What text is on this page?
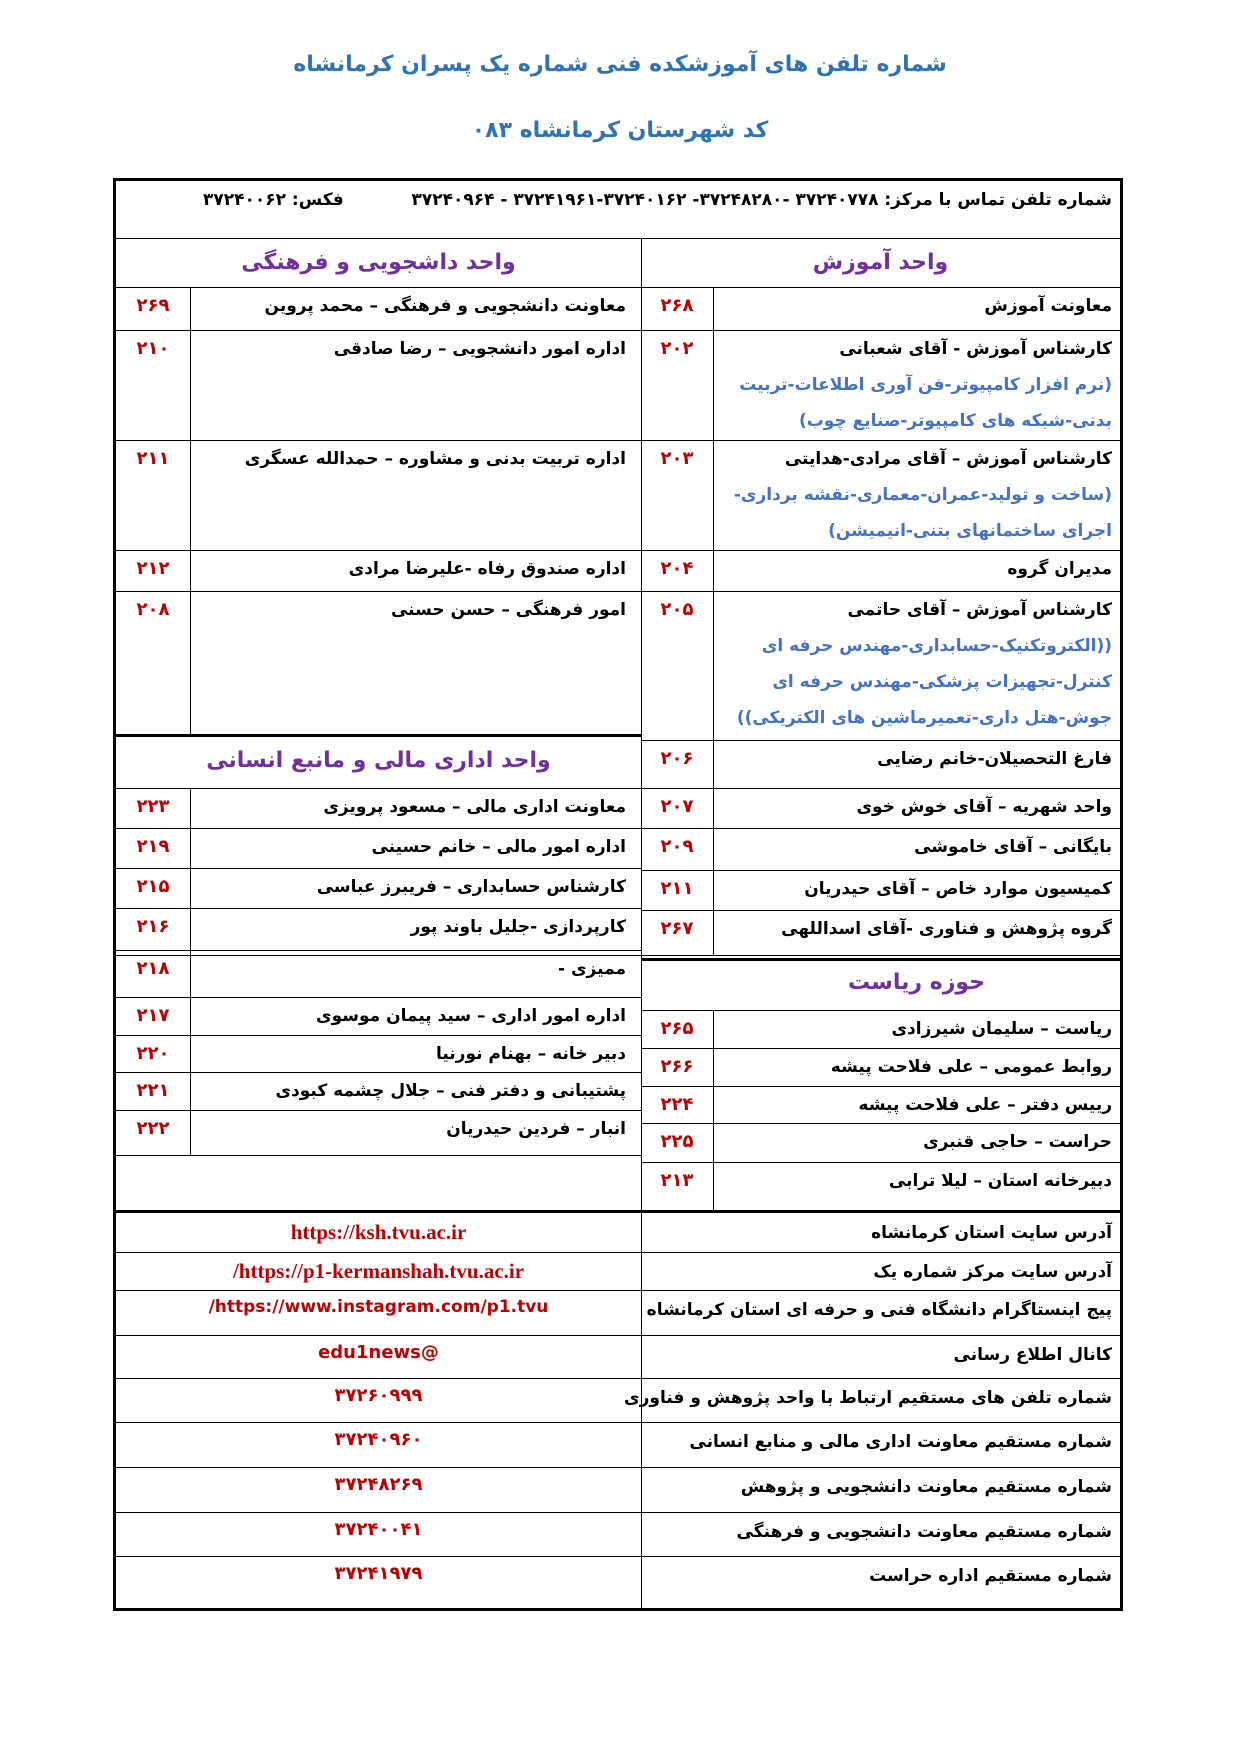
شماره تلفن های آموزشکده فنی شماره یک پسران کرمانشاه
کد شهرستان کرمانشاه ۰۸۳
شماره تلفن تماس با مرکز: ۳۷۲۴۰۷۷۸ -۳۷۲۴۸۲۸۰- ۳۷۲۴۰۱۶۲-۳۷۲۴۱۹۶۱ - ۳۷۲۴۰۹۶۴
فکس: ۳۷۲۴۰۰۶۲
واحد آموزش
معاونت آموزش
۲۶۸
کارشناس آموزش - آقای شعبانی
(نرم افزار کامپیوتر-فن آوری اطلاعات-تربیت
بدنی-شبکه های کامپیوتر-صنایع چوب)
۲۰۲
کارشناس آموزش – آقای مرادی-هدایتی
(ساخت و تولید-عمران-معماری-نقشه برداری-
اجرای ساختمانهای بتنی-انیمیشن)
۲۰۳
مدیران گروه
۲۰۴
کارشناس آموزش – آقای حاتمی
((الکتروتکنیک-حسابداری-مهندس حرفه ای
کنترل-تجهیزات پزشکی-مهندس حرفه ای
جوش-هتل داری-تعمیرماشین های الکتریکی))
۲۰۵
فارغ التحصیلان-خانم رضایی
۲۰۶
واحد شهریه – آقای خوش خوی
۲۰۷
بایگانی – آقای خاموشی
۲۰۹
کمیسیون موارد خاص – آقای حیدریان
۲۱۱
گروه پژوهش و فناوری -آقای اسداللهی
۲۶۷
حوزه ریاست
ریاست – سلیمان شیرزادی
۲۶۵
روابط عمومی – علی فلاحت پیشه
۲۶۶
رییس دفتر – علی فلاحت پیشه
۲۲۴
حراست – حاجی قنبری
۲۲۵
دبیرخانه استان – لیلا ترابی
۲۱۳
واحد داشجویی و فرهنگی
معاونت دانشجویی و فرهنگی – محمد پروین
۲۶۹
اداره امور دانشجویی – رضا صادقی
۲۱۰
اداره تربیت بدنی و مشاوره – حمدالله عسگری
۲۱۱
اداره صندوق رفاه -علیرضا مرادی
۲۱۲
امور فرهنگی – حسن حسنی
۲۰۸
واحد اداری مالی و مانبع انسانی
معاونت اداری مالی – مسعود پرویزی
۲۲۳
اداره امور مالی – خانم حسینی
۲۱۹
کارشناس حسابداری – فریبرز عباسی
۲۱۵
کارپردازی -جلیل باوند پور
۲۱۶
ممیزی -
۲۱۸
اداره امور اداری – سید پیمان موسوی
۲۱۷
دبیر خانه – بهنام نورنیا
۲۲۰
پشتیبانی و دفتر فنی – جلال چشمه کبودی
۲۲۱
انبار – فردین حیدریان
۲۲۲
آدرس سایت استان کرمانشاه
https://ksh.tvu.ac.ir
آدرس سایت مرکز شماره یک
https://p1-kermanshah.tvu.ac.ir/
پیج اینستاگرام دانشگاه فنی و حرفه ای استان کرمانشاه
https://www.instagram.com/p1.tvu/
کانال اطلاع رسانی
@edu1news
شماره تلفن های مستقیم ارتباط با واحد پژوهش و فناوری
۳۷۲۶۰۹۹۹
شماره مستقیم معاونت اداری مالی و منابع انسانی
۳۷۲۴۰۹۶۰
شماره مستقیم معاونت دانشجویی و پژوهش
۳۷۲۴۸۲۶۹
شماره مستقیم معاونت دانشجویی و فرهنگی
۳۷۲۴۰۰۴۱
شماره مستقیم اداره حراست
۳۷۲۴۱۹۷۹
